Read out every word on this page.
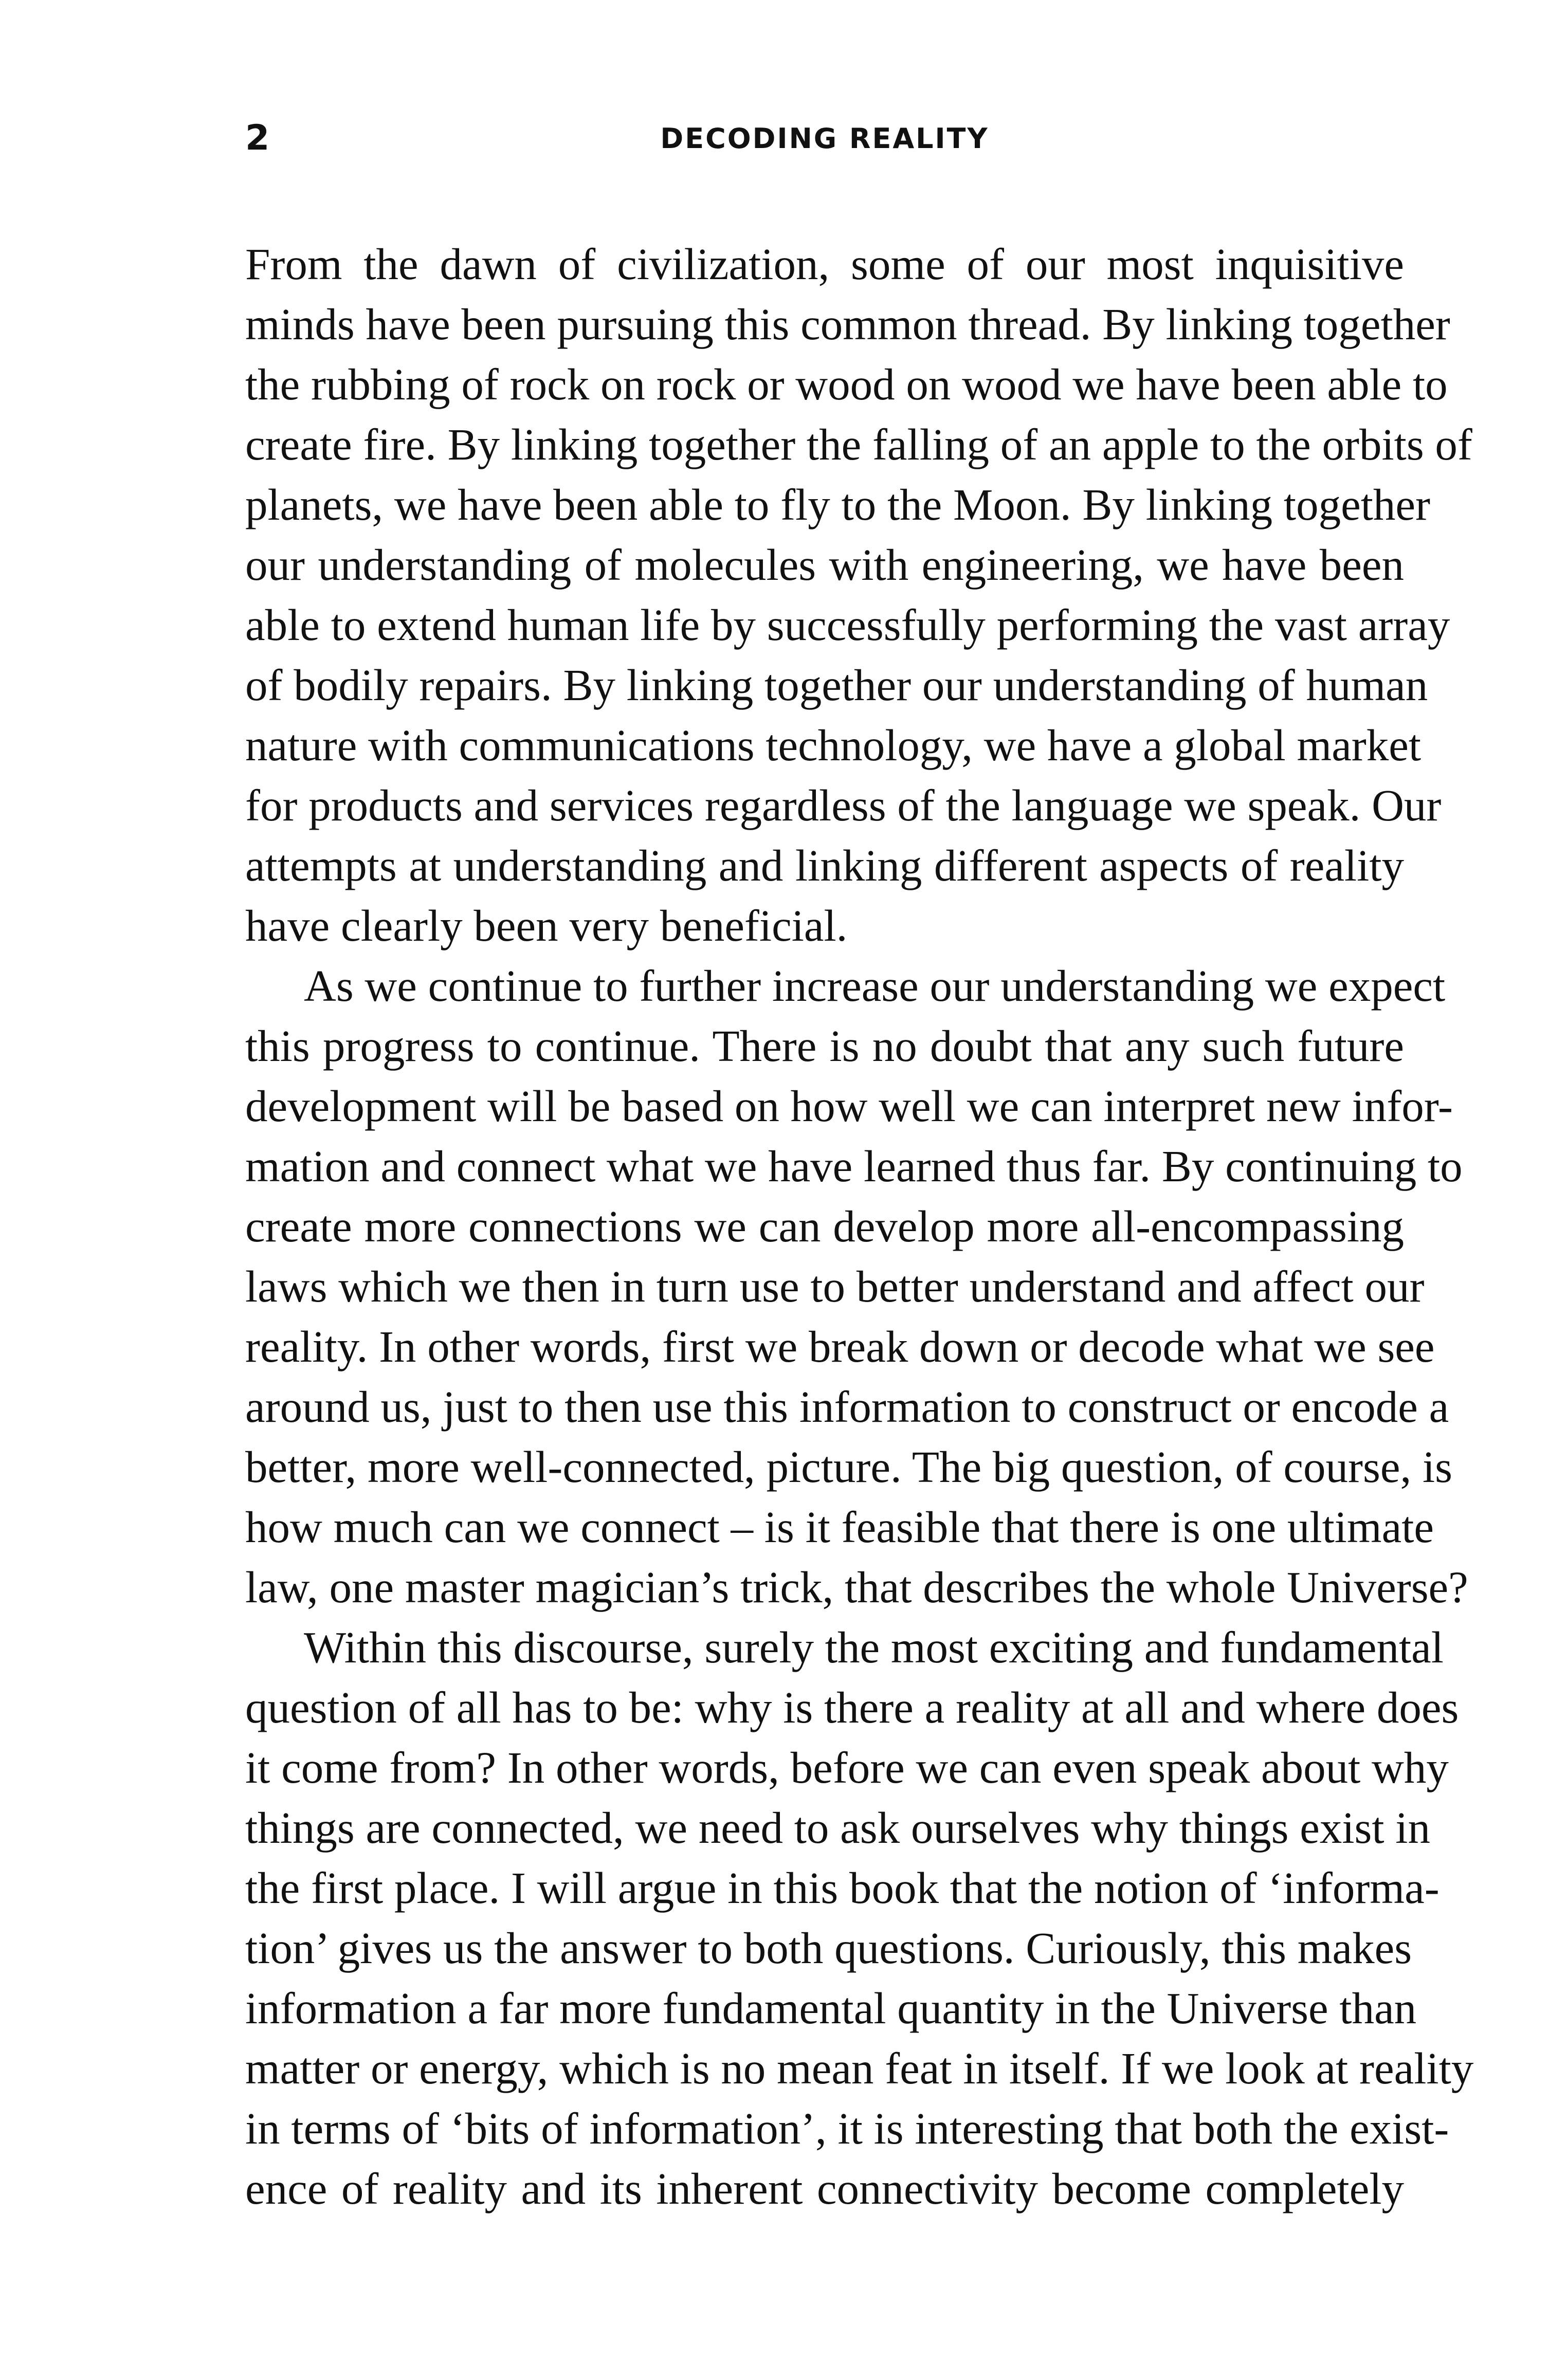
2	DECODING REALITY
From the dawn of civilization, some of our most inquisitive
minds have been pursuing this common thread. By linking together
the rubbing of rock on rock or wood on wood we have been able to
create fire. By linking together the falling of an apple to the orbits of
planets, we have been able to fly to the Moon. By linking together
our understanding of molecules with engineering, we have been
able to extend human life by successfully performing the vast array
of bodily repairs. By linking together our understanding of human
nature with communications technology, we have a global market
for products and services regardless of the language we speak. Our
attempts at understanding and linking different aspects of reality
have clearly been very beneficial.
As we continue to further increase our understanding we expect
this progress to continue. There is no doubt that any such future
development will be based on how well we can interpret new infor-
mation and connect what we have learned thus far. By continuing to
create more connections we can develop more all-encompassing
laws which we then in turn use to better understand and affect our
reality. In other words, first we break down or decode what we see
around us, just to then use this information to construct or encode a
better, more well-connected, picture. The big question, of course, is
how much can we connect – is it feasible that there is one ultimate
law, one master magician’s trick, that describes the whole Universe?
Within this discourse, surely the most exciting and fundamental
question of all has to be: why is there a reality at all and where does
it come from? In other words, before we can even speak about why
things are connected, we need to ask ourselves why things exist in
the first place. I will argue in this book that the notion of ‘informa-
tion’ gives us the answer to both questions. Curiously, this makes
information a far more fundamental quantity in the Universe than
matter or energy, which is no mean feat in itself. If we look at reality
in terms of ‘bits of information’, it is interesting that both the exist-
ence of reality and its inherent connectivity become completely
